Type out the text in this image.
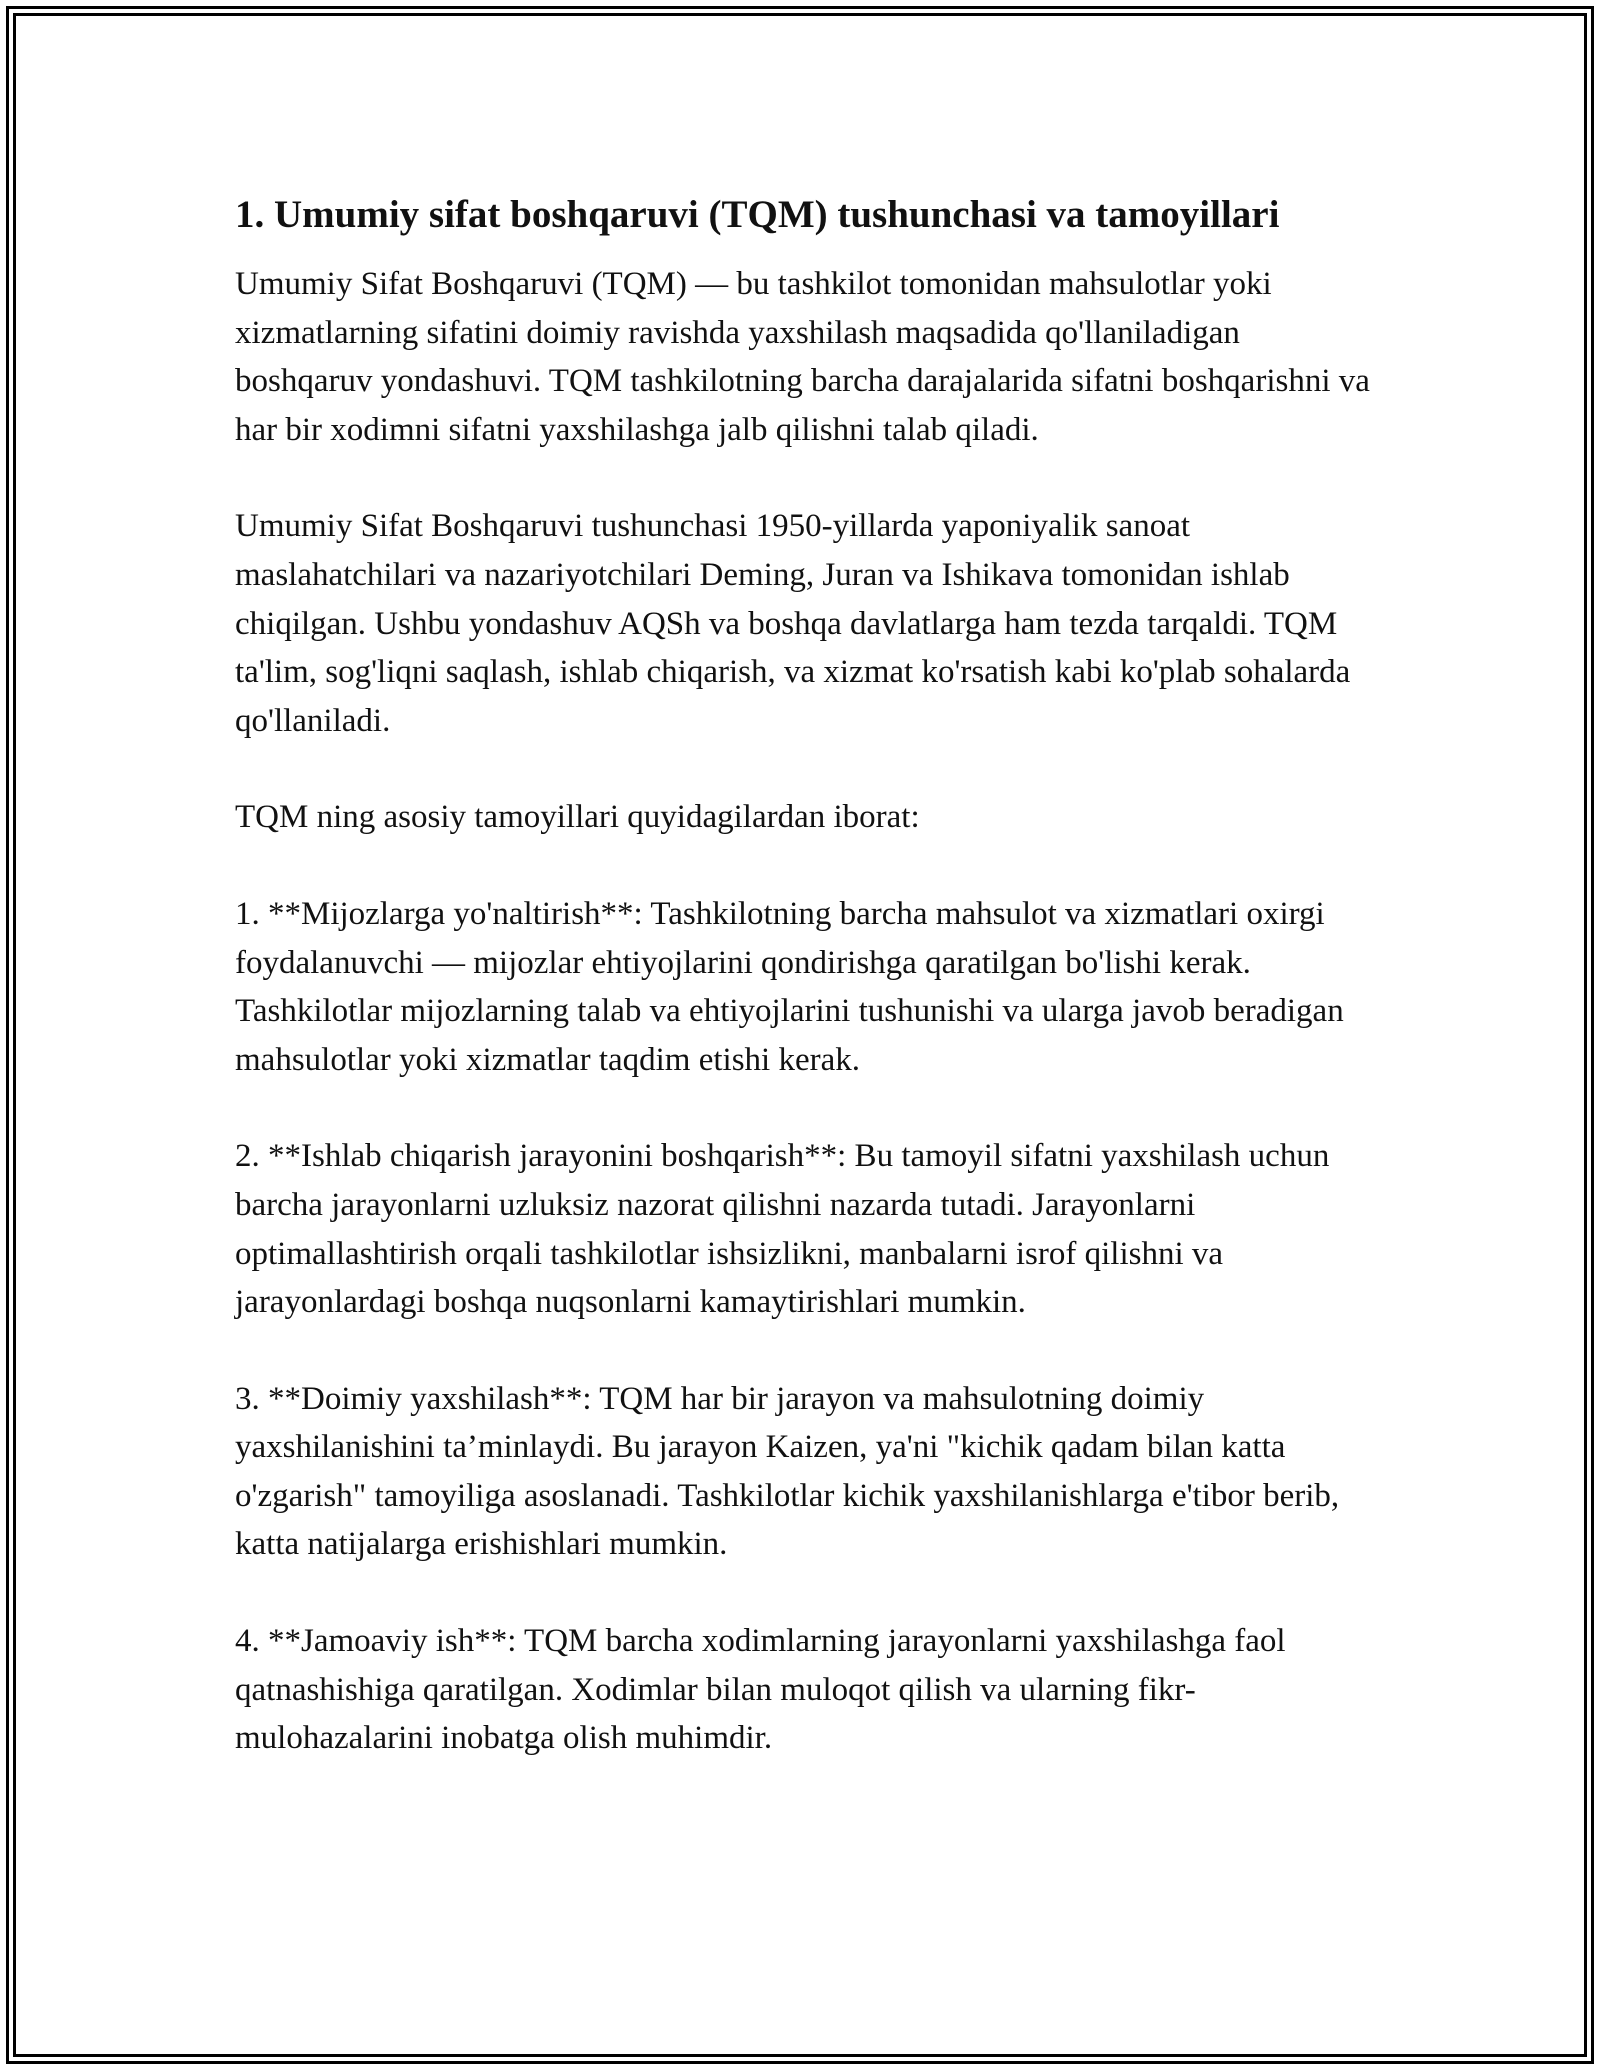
1. Umumiy sifat boshqaruvi (TQM) tushunchasi va tamoyillari

Umumiy Sifat Boshqaruvi (TQM) — bu tashkilot tomonidan mahsulotlar yoki xizmatlarning sifatini doimiy ravishda yaxshilash maqsadida qo'llaniladigan boshqaruv yondashuvi. TQM tashkilotning barcha darajalarida sifatni boshqarishni va har bir xodimni sifatni yaxshilashga jalb qilishni talab qiladi.

Umumiy Sifat Boshqaruvi tushunchasi 1950-yillarda yaponiyalik sanoat maslahatchilari va nazariyotchilari Deming, Juran va Ishikava tomonidan ishlab chiqilgan. Ushbu yondashuv AQSh va boshqa davlatlarga ham tezda tarqaldi. TQM ta'lim, sog'liqni saqlash, ishlab chiqarish, va xizmat ko'rsatish kabi ko'plab sohalarda qo'llaniladi.

TQM ning asosiy tamoyillari quyidagilardan iborat:

1. **Mijozlarga yo'naltirish**: Tashkilotning barcha mahsulot va xizmatlari oxirgi foydalanuvchi — mijozlar ehtiyojlarini qondirishga qaratilgan bo'lishi kerak. Tashkilotlar mijozlarning talab va ehtiyojlarini tushunishi va ularga javob beradigan mahsulotlar yoki xizmatlar taqdim etishi kerak.

2. **Ishlab chiqarish jarayonini boshqarish**: Bu tamoyil sifatni yaxshilash uchun barcha jarayonlarni uzluksiz nazorat qilishni nazarda tutadi. Jarayonlarni optimallashtirish orqali tashkilotlar ishsizlikni, manbalarni isrof qilishni va jarayonlardagi boshqa nuqsonlarni kamaytirishlari mumkin.

3. **Doimiy yaxshilash**: TQM har bir jarayon va mahsulotning doimiy yaxshilanishini ta’minlaydi. Bu jarayon Kaizen, ya'ni "kichik qadam bilan katta o'zgarish" tamoyiliga asoslanadi. Tashkilotlar kichik yaxshilanishlarga e'tibor berib, katta natijalarga erishishlari mumkin.

4. **Jamoaviy ish**: TQM barcha xodimlarning jarayonlarni yaxshilashga faol qatnashishiga qaratilgan. Xodimlar bilan muloqot qilish va ularning fikr-mulohazalarini inobatga olish muhimdir.
